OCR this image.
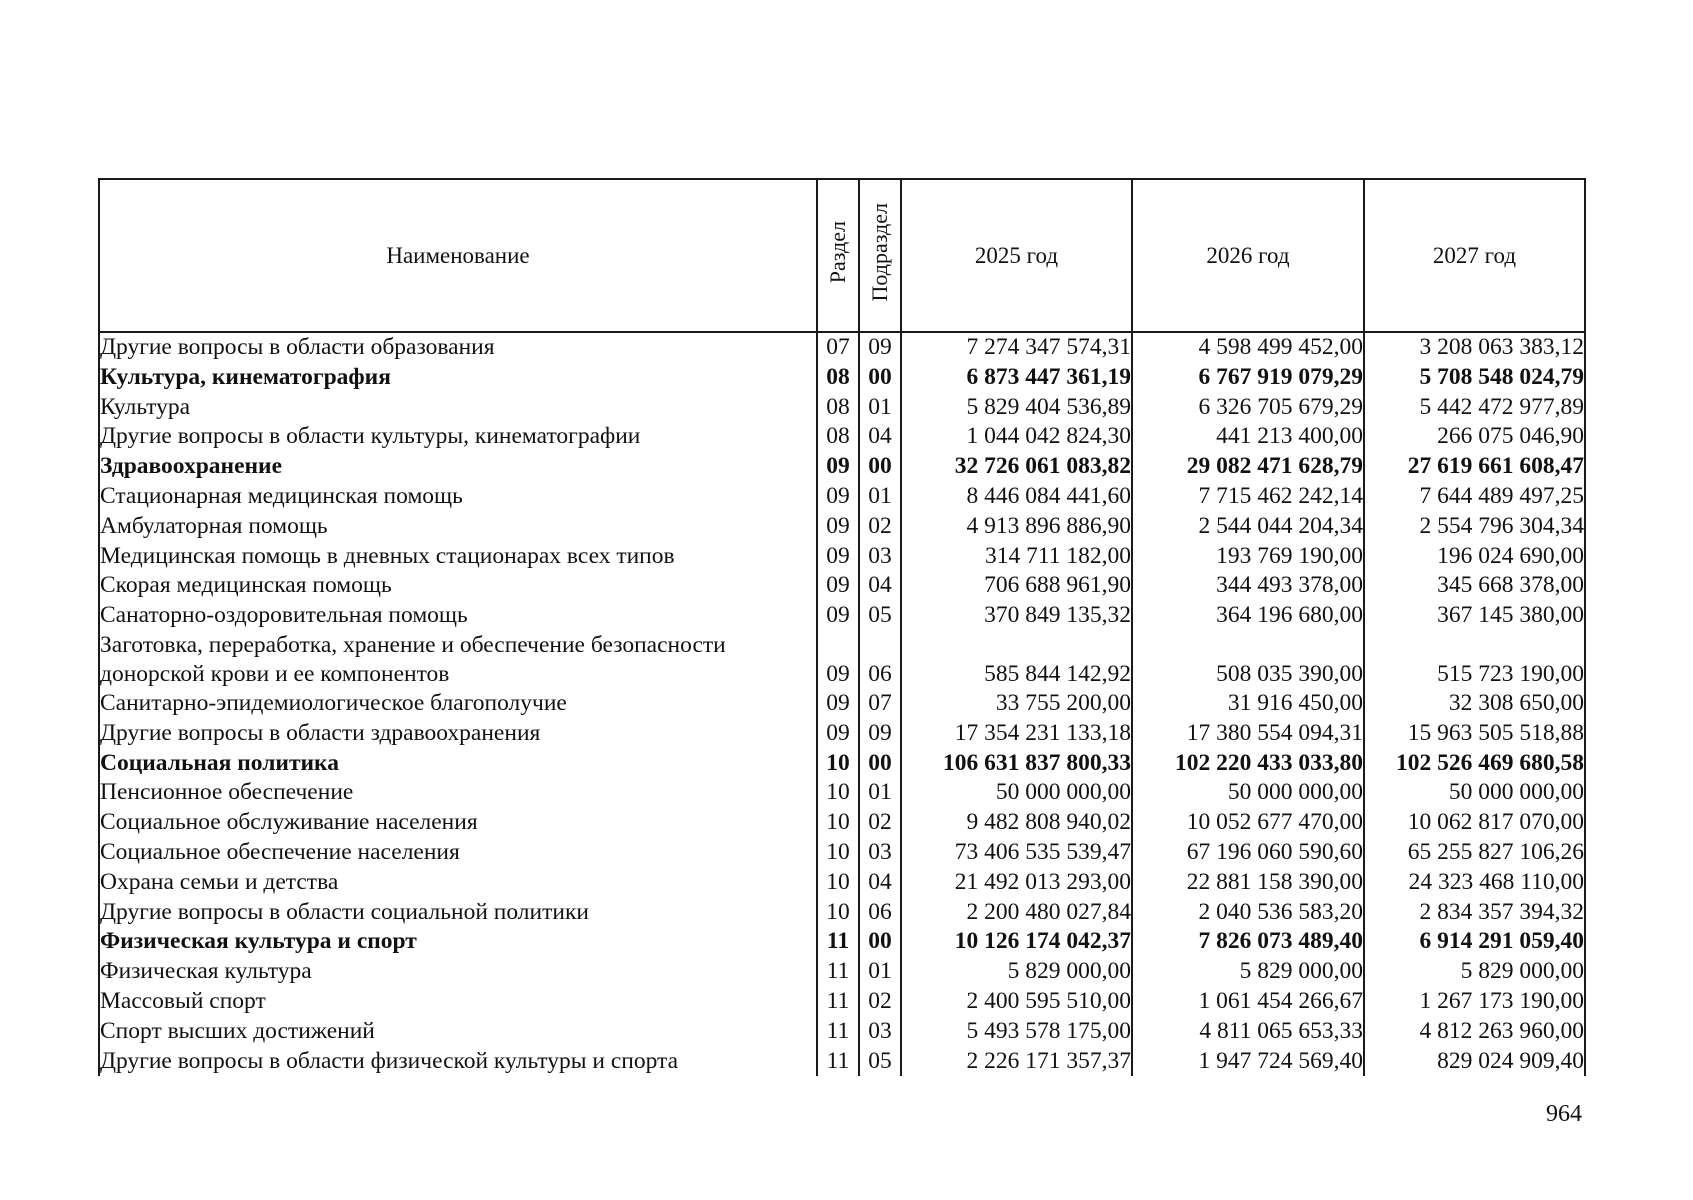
Наименование	Раздел	Подраздел	2025 год	2026 год	2027 год
Другие вопросы в области образования	07	09	7 274 347 574,31	4 598 499 452,00	3 208 063 383,12
Культура, кинематография	08	00	6 873 447 361,19	6 767 919 079,29	5 708 548 024,79
Культура	08	01	5 829 404 536,89	6 326 705 679,29	5 442 472 977,89
Другие вопросы в области культуры, кинематографии	08	04	1 044 042 824,30	441 213 400,00	266 075 046,90
Здравоохранение	09	00	32 726 061 083,82	29 082 471 628,79	27 619 661 608,47
Стационарная медицинская помощь	09	01	8 446 084 441,60	7 715 462 242,14	7 644 489 497,25
Амбулаторная помощь	09	02	4 913 896 886,90	2 544 044 204,34	2 554 796 304,34
Медицинская помощь в дневных стационарах всех типов	09	03	314 711 182,00	193 769 190,00	196 024 690,00
Скорая медицинская помощь	09	04	706 688 961,90	344 493 378,00	345 668 378,00
Санаторно-оздоровительная помощь	09	05	370 849 135,32	364 196 680,00	367 145 380,00
Заготовка, переработка, хранение и обеспечение безопасности донорской крови и ее компонентов	09	06	585 844 142,92	508 035 390,00	515 723 190,00
Санитарно-эпидемиологическое благополучие	09	07	33 755 200,00	31 916 450,00	32 308 650,00
Другие вопросы в области здравоохранения	09	09	17 354 231 133,18	17 380 554 094,31	15 963 505 518,88
Социальная политика	10	00	106 631 837 800,33	102 220 433 033,80	102 526 469 680,58
Пенсионное обеспечение	10	01	50 000 000,00	50 000 000,00	50 000 000,00
Социальное обслуживание населения	10	02	9 482 808 940,02	10 052 677 470,00	10 062 817 070,00
Социальное обеспечение населения	10	03	73 406 535 539,47	67 196 060 590,60	65 255 827 106,26
Охрана семьи и детства	10	04	21 492 013 293,00	22 881 158 390,00	24 323 468 110,00
Другие вопросы в области социальной политики	10	06	2 200 480 027,84	2 040 536 583,20	2 834 357 394,32
Физическая культура и спорт	11	00	10 126 174 042,37	7 826 073 489,40	6 914 291 059,40
Физическая культура	11	01	5 829 000,00	5 829 000,00	5 829 000,00
Массовый спорт	11	02	2 400 595 510,00	1 061 454 266,67	1 267 173 190,00
Спорт высших достижений	11	03	5 493 578 175,00	4 811 065 653,33	4 812 263 960,00
Другие вопросы в области физической культуры и спорта	11	05	2 226 171 357,37	1 947 724 569,40	829 024 909,40
964
